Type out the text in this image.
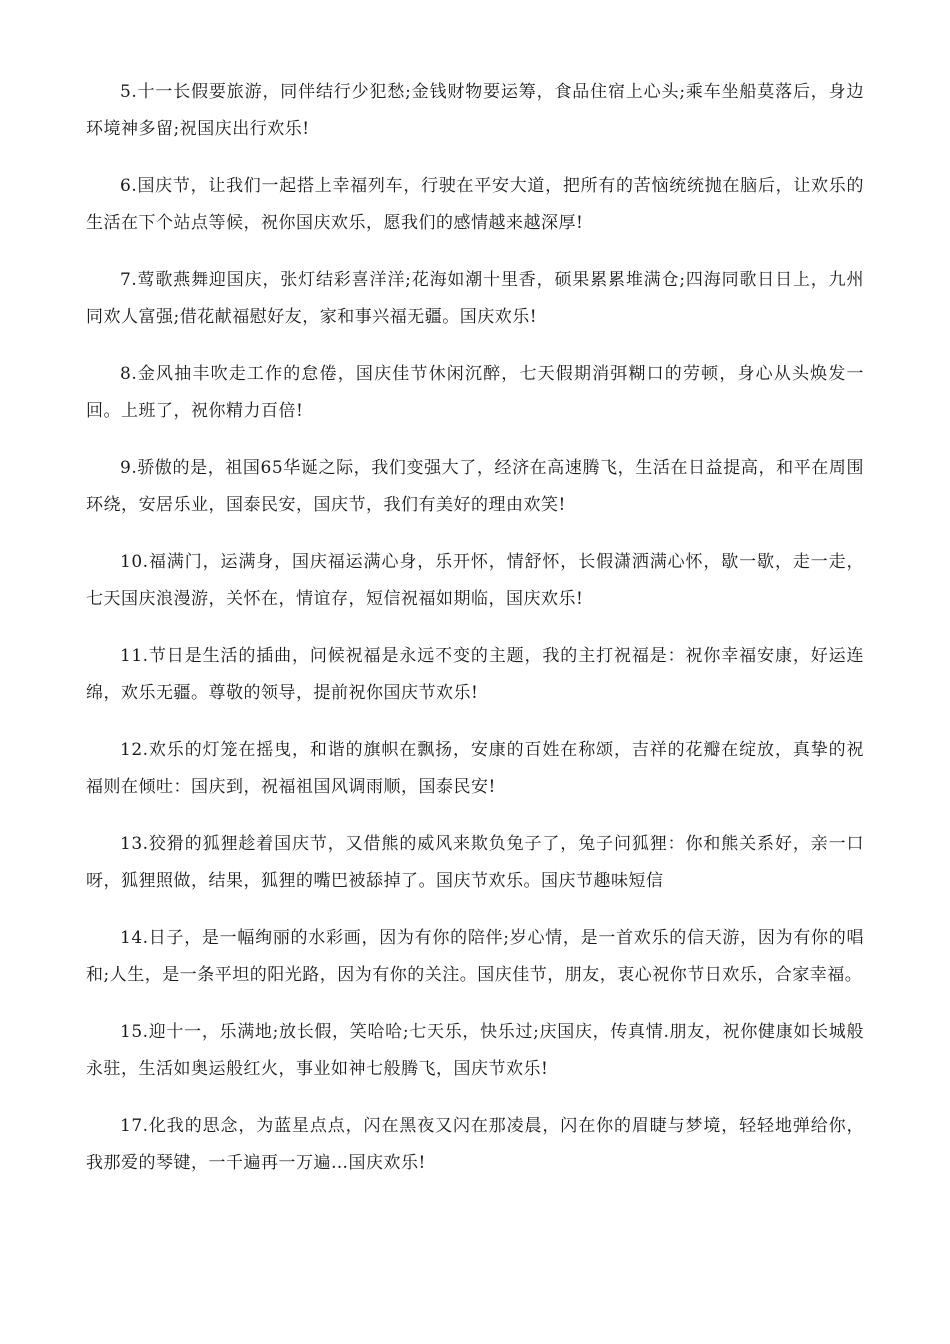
5.十一长假要旅游，同伴结行少犯愁;金钱财物要运筹，食品住宿上心头;乘车坐船莫落后，身边环境神多留;祝国庆出行欢乐!

6.国庆节，让我们一起搭上幸福列车，行驶在平安大道，把所有的苦恼统统抛在脑后，让欢乐的生活在下个站点等候，祝你国庆欢乐，愿我们的感情越来越深厚!

7.莺歌燕舞迎国庆，张灯结彩喜洋洋;花海如潮十里香，硕果累累堆满仓;四海同歌日日上，九州同欢人富强;借花献福慰好友，家和事兴福无疆。国庆欢乐!

8.金风抽丰吹走工作的怠倦，国庆佳节休闲沉醉，七天假期消弭糊口的劳顿，身心从头焕发一回。上班了，祝你精力百倍!

9.骄傲的是，祖国65华诞之际，我们变强大了，经济在高速腾飞，生活在日益提高，和平在周围环绕，安居乐业，国泰民安，国庆节，我们有美好的理由欢笑!

10.福满门，运满身，国庆福运满心身，乐开怀，情舒怀，长假潇洒满心怀，歇一歇，走一走，七天国庆浪漫游，关怀在，情谊存，短信祝福如期临，国庆欢乐!

11.节日是生活的插曲，问候祝福是永远不变的主题，我的主打祝福是：祝你幸福安康，好运连绵，欢乐无疆。尊敬的领导，提前祝你国庆节欢乐!

12.欢乐的灯笼在摇曳，和谐的旗帜在飘扬，安康的百姓在称颂，吉祥的花瓣在绽放，真挚的祝福则在倾吐：国庆到，祝福祖国风调雨顺，国泰民安!

13.狡猾的狐狸趁着国庆节，又借熊的威风来欺负兔子了，兔子问狐狸：你和熊关系好，亲一口呀，狐狸照做，结果，狐狸的嘴巴被舔掉了。国庆节欢乐。国庆节趣味短信

14.日子，是一幅绚丽的水彩画，因为有你的陪伴;岁心情，是一首欢乐的信天游，因为有你的唱和;人生，是一条平坦的阳光路，因为有你的关注。国庆佳节，朋友，衷心祝你节日欢乐，合家幸福。

15.迎十一，乐满地;放长假，笑哈哈;七天乐，快乐过;庆国庆，传真情.朋友，祝你健康如长城般永驻，生活如奥运般红火，事业如神七般腾飞，国庆节欢乐!

17.化我的思念，为蓝星点点，闪在黑夜又闪在那凌晨，闪在你的眉睫与梦境，轻轻地弹给你，我那爱的琴键，一千遍再一万遍…国庆欢乐!
